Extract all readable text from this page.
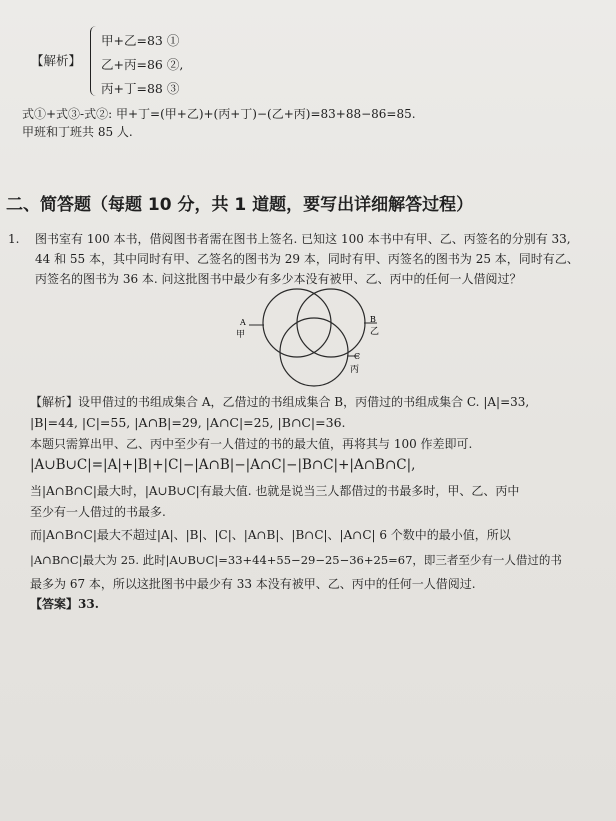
【解析】
甲+乙=83 ①
乙+丙=86 ②,
丙+丁=88 ③
式①+式③-式②: 甲+丁=(甲+乙)+(丙+丁)−(乙+丙)=83+88−86=85.
甲班和丁班共 85 人.
二、简答题（每题 10 分，共 1 道题，要写出详细解答过程）
1. 图书室有 100 本书，借阅图书者需在图书上签名. 已知这 100 本书中有甲、乙、丙签名的分别有 33,
44 和 55 本，其中同时有甲、乙签名的图书为 29 本，同时有甲、丙签名的图书为 25 本，同时有乙、
丙签名的图书为 36 本. 问这批图书中最少有多少本没有被甲、乙、丙中的任何一人借阅过？
A
甲
B
乙
C
丙
【解析】设甲借过的书组成集合 A，乙借过的书组成集合 B，丙借过的书组成集合 C. |A|=33,
|B|=44, |C|=55, |A∩B|=29, |A∩C|=25, |B∩C|=36.
本题只需算出甲、乙、丙中至少有一人借过的书的最大值，再将其与 100 作差即可.
|A∪B∪C|=|A|+|B|+|C|−|A∩B|−|A∩C|−|B∩C|+|A∩B∩C|,
当|A∩B∩C|最大时，|A∪B∪C|有最大值. 也就是说当三人都借过的书最多时，甲、乙、丙中
至少有一人借过的书最多.
而|A∩B∩C|最大不超过|A|、|B|、|C|、|A∩B|、|B∩C|、|A∩C| 6 个数中的最小值，所以
|A∩B∩C|最大为 25. 此时|A∪B∪C|=33+44+55−29−25−36+25=67，即三者至少有一人借过的书
最多为 67 本，所以这批图书中最少有 33 本没有被甲、乙、丙中的任何一人借阅过.
【答案】33.
